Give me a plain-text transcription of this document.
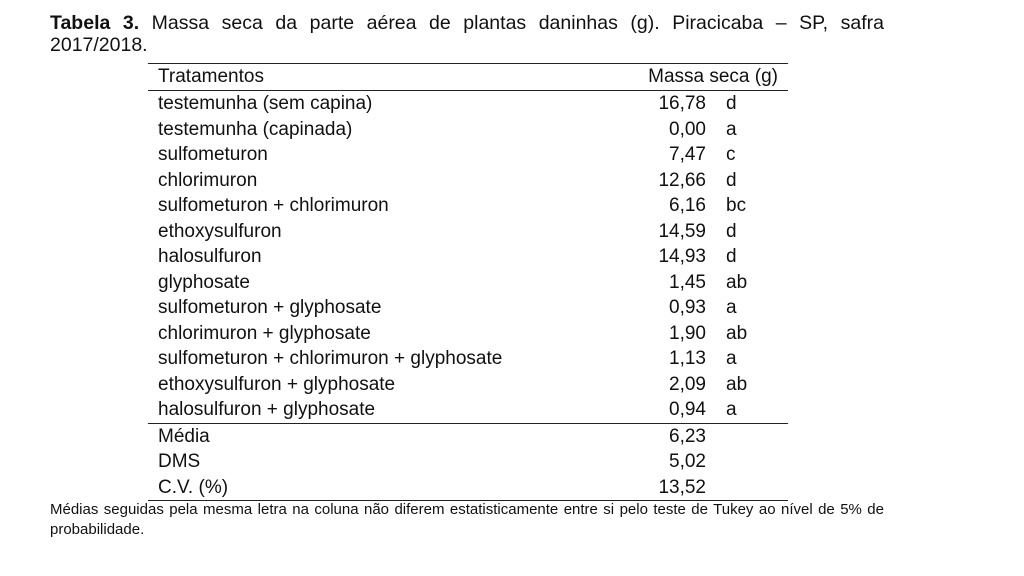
Tabela 3. Massa seca da parte aérea de plantas daninhas (g). Piracicaba – SP, safra 2017/2018.
Tratamentos	Massa seca (g)
testemunha (sem capina)	16,78 d
testemunha (capinada)	0,00 a
sulfometuron	7,47 c
chlorimuron	12,66 d
sulfometuron + chlorimuron	6,16 bc
ethoxysulfuron	14,59 d
halosulfuron	14,93 d
glyphosate	1,45 ab
sulfometuron + glyphosate	0,93 a
chlorimuron + glyphosate	1,90 ab
sulfometuron + chlorimuron + glyphosate	1,13 a
ethoxysulfuron + glyphosate	2,09 ab
halosulfuron + glyphosate	0,94 a
Média	6,23
DMS	5,02
C.V. (%)	13,52
Médias seguidas pela mesma letra na coluna não diferem estatisticamente entre si pelo teste de Tukey ao nível de 5% de probabilidade.
